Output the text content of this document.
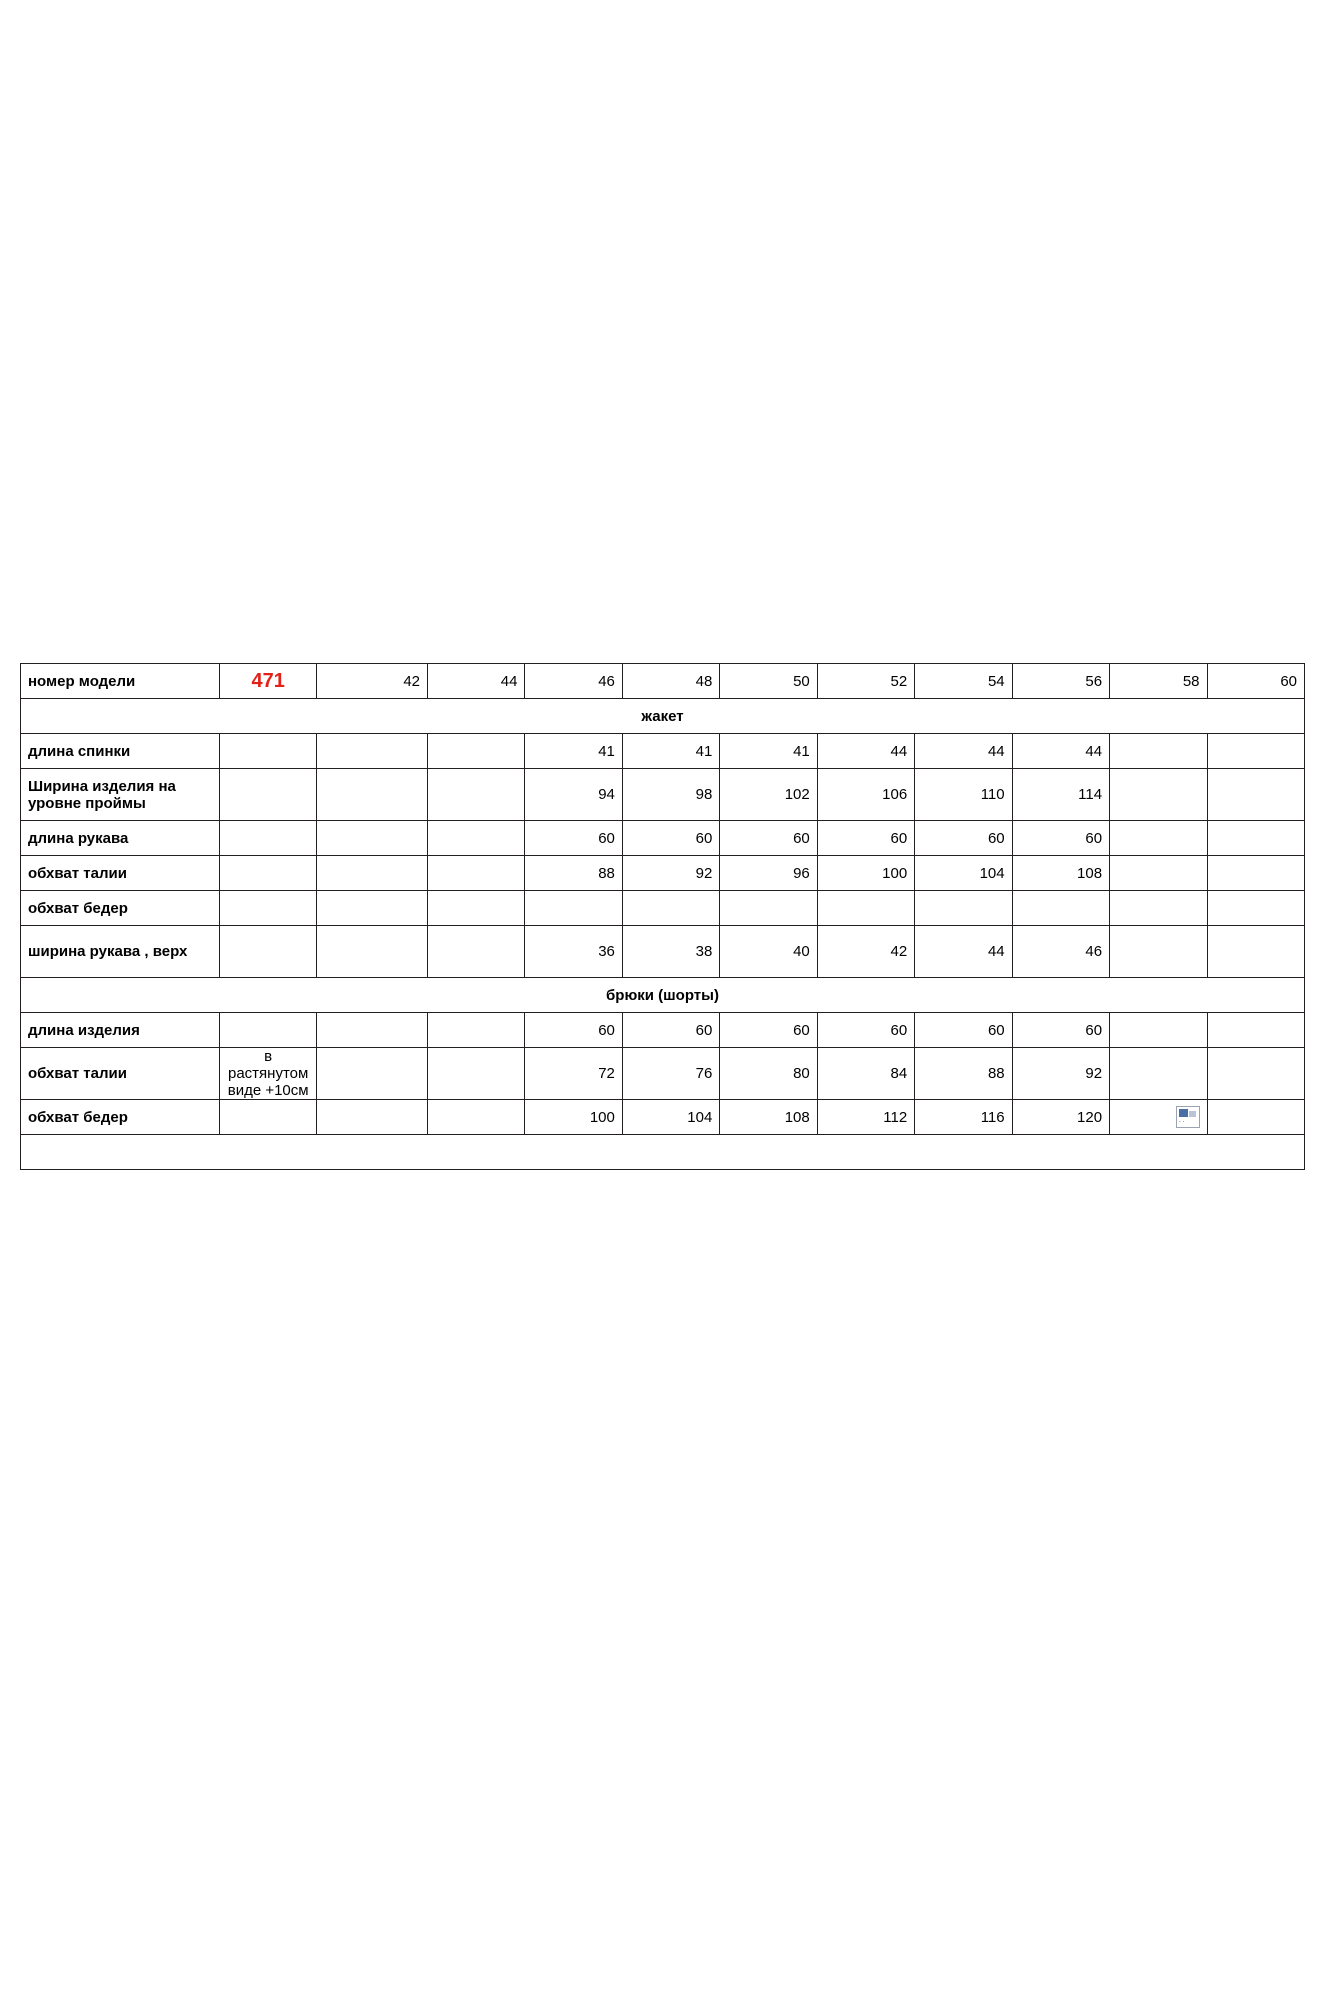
номер модели	471	42	44	46	48	50	52	54	56	58	60
жакет											
длина спинки				41	41	41	44	44	44		
Ширина изделия на уровне проймы				94	98	102	106	110	114		
длина рукава				60	60	60	60	60	60		
обхват талии				88	92	96	100	104	108		
обхват бедер											
ширина рукава , верх				36	38	40	42	44	46		
брюки (шорты)											
длина изделия				60	60	60	60	60	60		
обхват талии	в растянутом виде +10см			72	76	80	84	88	92		
обхват бедер				100	104	108	112	116	120	··	
